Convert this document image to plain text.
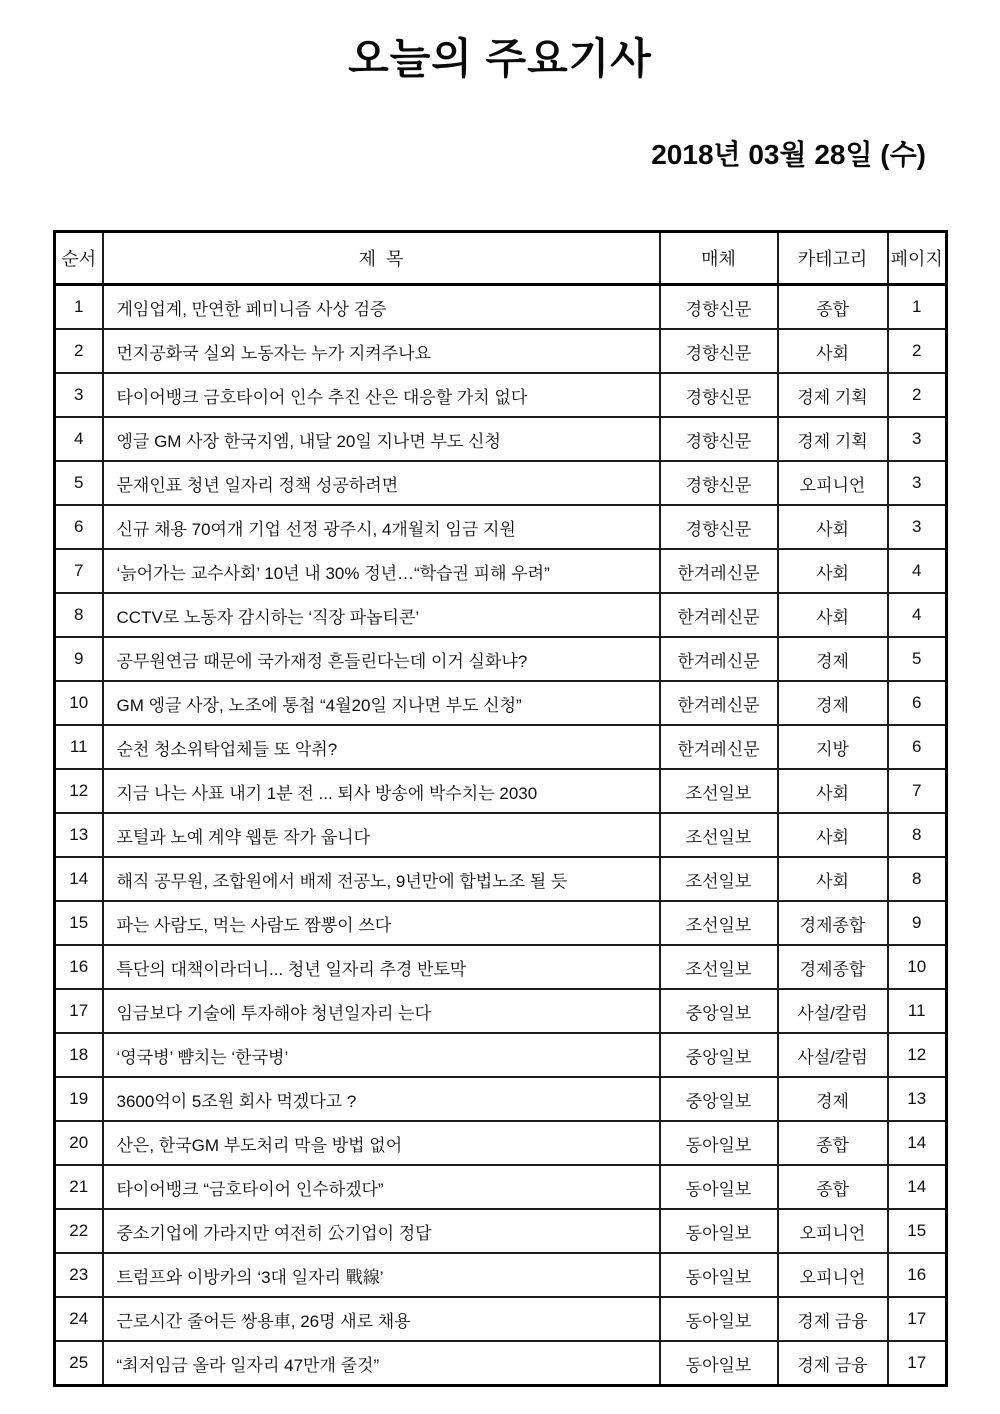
오늘의 주요기사
2018년 03월 28일 (수)
순서	제  목	매체	카테고리	페이지
1	게임업계, 만연한 페미니즘 사상 검증	경향신문	종합	1
2	먼지공화국 실외 노동자는 누가 지켜주나요	경향신문	사회	2
3	타이어뱅크 금호타이어 인수 추진 산은 대응할 가치 없다	경향신문	경제 기획	2
4	엥글 GM 사장 한국지엠, 내달 20일 지나면 부도 신청	경향신문	경제 기획	3
5	문재인표 청년 일자리 정책 성공하려면	경향신문	오피니언	3
6	신규 채용 70여개 기업 선정 광주시, 4개월치 임금 지원	경향신문	사회	3
7	‘늙어가는 교수사회’ 10년 내 30% 정년…“학습권 피해 우려”	한겨레신문	사회	4
8	CCTV로 노동자 감시하는 ‘직장 파놉티콘’	한겨레신문	사회	4
9	공무원연금 때문에 국가재정 흔들린다는데 이거 실화냐?	한겨레신문	경제	5
10	GM 엥글 사장, 노조에 통첩 “4월20일 지나면 부도 신청”	한겨레신문	경제	6
11	순천 청소위탁업체들 또 악취?	한겨레신문	지방	6
12	지금 나는 사표 내기 1분 전 ... 퇴사 방송에 박수치는 2030	조선일보	사회	7
13	포털과 노예 계약 웹툰 작가 웁니다	조선일보	사회	8
14	해직 공무원, 조합원에서 배제 전공노, 9년만에 합법노조 될 듯	조선일보	사회	8
15	파는 사람도, 먹는 사람도 짬뽕이 쓰다	조선일보	경제종합	9
16	특단의 대책이라더니... 청년 일자리 추경 반토막	조선일보	경제종합	10
17	임금보다 기술에 투자해야 청년일자리 는다	중앙일보	사설/칼럼	11
18	‘영국병’ 뺨치는 ‘한국병’	중앙일보	사설/칼럼	12
19	3600억이 5조원 회사 먹겠다고 ?	중앙일보	경제	13
20	산은, 한국GM 부도처리 막을 방법 없어	동아일보	종합	14
21	타이어뱅크 “금호타이어 인수하겠다”	동아일보	종합	14
22	중소기업에 가라지만 여전히 公기업이 정답	동아일보	오피니언	15
23	트럼프와 이방카의 ‘3대 일자리 戰線’	동아일보	오피니언	16
24	근로시간 줄어든 쌍용車, 26명 새로 채용	동아일보	경제 금융	17
25	“최저임금 올라 일자리 47만개 줄것”	동아일보	경제 금융	17
